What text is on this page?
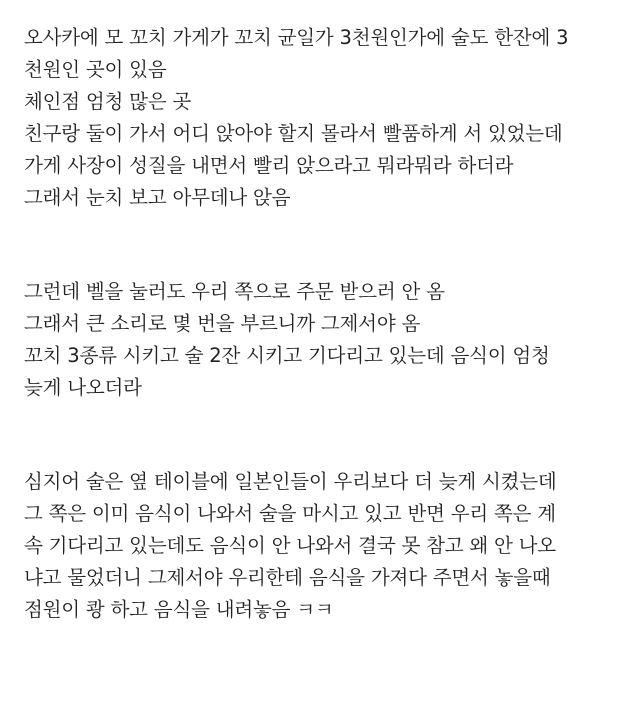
오사카에 모 꼬치 가게가 꼬치 균일가 3천원인가에 술도 한잔에 3
천원인 곳이 있음
체인점 엄청 많은 곳
친구랑 둘이 가서 어디 앉아야 할지 몰라서 빨품하게 서 있었는데
가게 사장이 성질을 내면서 빨리 앉으라고 뭐라뭐라 하더라
그래서 눈치 보고 아무데나 앉음
그런데 벨을 눌러도 우리 쪽으로 주문 받으러 안 옴
그래서 큰 소리로 몇 번을 부르니까 그제서야 옴
꼬치 3종류 시키고 술 2잔 시키고 기다리고 있는데 음식이 엄청
늦게 나오더라
심지어 술은 옆 테이블에 일본인들이 우리보다 더 늦게 시켰는데
그 쪽은 이미 음식이 나와서 술을 마시고 있고 반면 우리 쪽은 계
속 기다리고 있는데도 음식이 안 나와서 결국 못 참고 왜 안 나오
냐고 물었더니 그제서야 우리한테 음식을 가져다 주면서 놓을때
점원이 쾅 하고 음식을 내려놓음 ㅋㅋ
